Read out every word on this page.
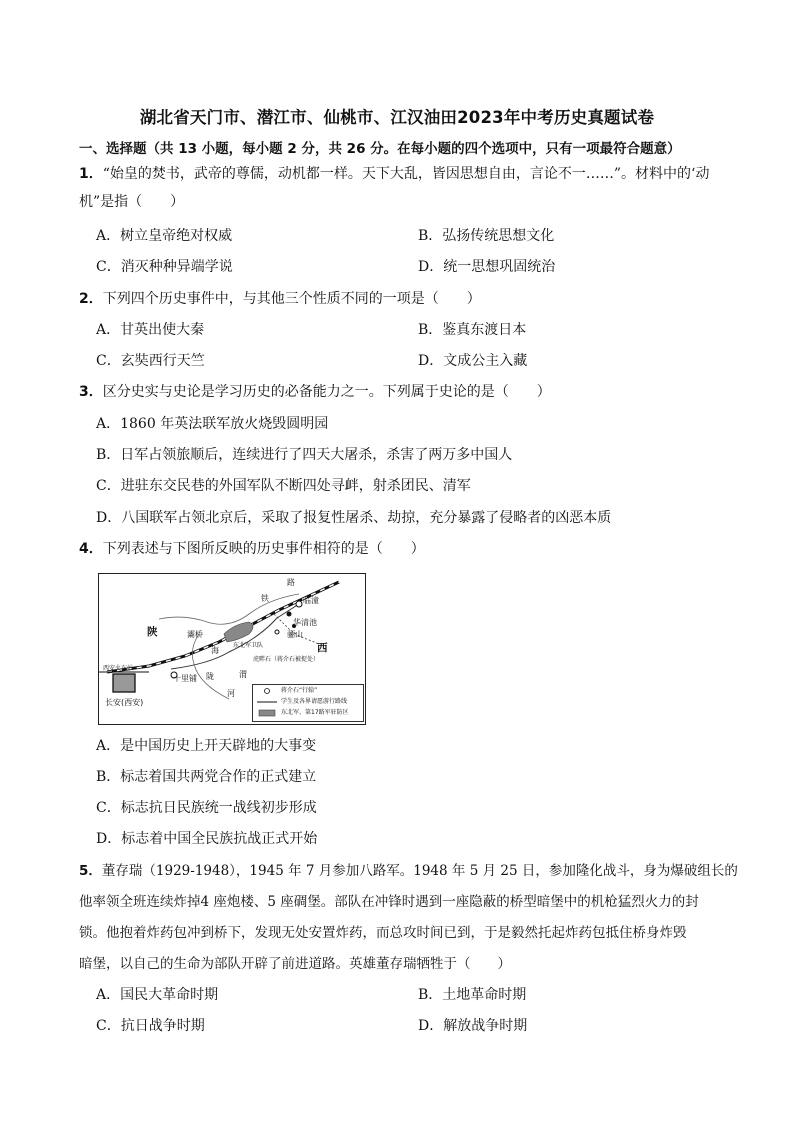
湖北省天门市、潜江市、仙桃市、江汉油田2023年中考历史真题试卷
一、选择题（共 13 小题，每小题 2 分，共 26 分。在每小题的四个选项中，只有一项最符合题意）
1．“始皇的焚书，武帝的尊儒，动机都一样。天下大乱，皆因思想自由，言论不一……”。材料中的‘动
机”是指（　　）
A．树立皇帝绝对权威	B．弘扬传统思想文化
C．消灭种种异端学说	D．统一思想巩固统治
2．下列四个历史事件中，与其他三个性质不同的一项是（　　）
A．甘英出使大秦	B．鉴真东渡日本
C．玄奘西行天竺	D．文成公主入藏
3．区分史实与史论是学习历史的必备能力之一。下列属于史论的是（　　）
A．1860 年英法联军放火烧毁圆明园
B．日军占领旅顺后，连续进行了四天大屠杀，杀害了两万多中国人
C．进驻东交民巷的外国军队不断四处寻衅，射杀团民、清军
D．八国联军占领北京后，采取了报复性屠杀、劫掠，充分暴露了侵略者的凶恶本质
4．下列表述与下图所反映的历史事件相符的是（　　）
陕
西
铁
路
陇
海
临潼
华清池
骊山
灞桥
东北军卫队
虎畔石（蒋介石被捉处）
西安火车站
十里铺
长安(西安)
渭
河	蒋介石“行辕”
学生及各界请愿游行路线
东北军、第17路军驻防区
A．是中国历史上开天辟地的大事变
B．标志着国共两党合作的正式建立
C．标志抗日民族统一战线初步形成
D．标志着中国全民族抗战正式开始
5．董存瑞（1929-1948），1945 年 7 月参加八路军。1948 年 5 月 25 日，参加隆化战斗，身为爆破组长的
他率领全班连续炸掉4 座炮楼、5 座碉堡。部队在冲锋时遇到一座隐蔽的桥型暗堡中的机枪猛烈火力的封
锁。他抱着炸药包冲到桥下，发现无处安置炸药，而总攻时间已到，于是毅然托起炸药包抵住桥身炸毁
暗堡，以自己的生命为部队开辟了前进道路。英雄董存瑞牺牲于（　　）
A．国民大革命时期	B．土地革命时期
C．抗日战争时期	D．解放战争时期
